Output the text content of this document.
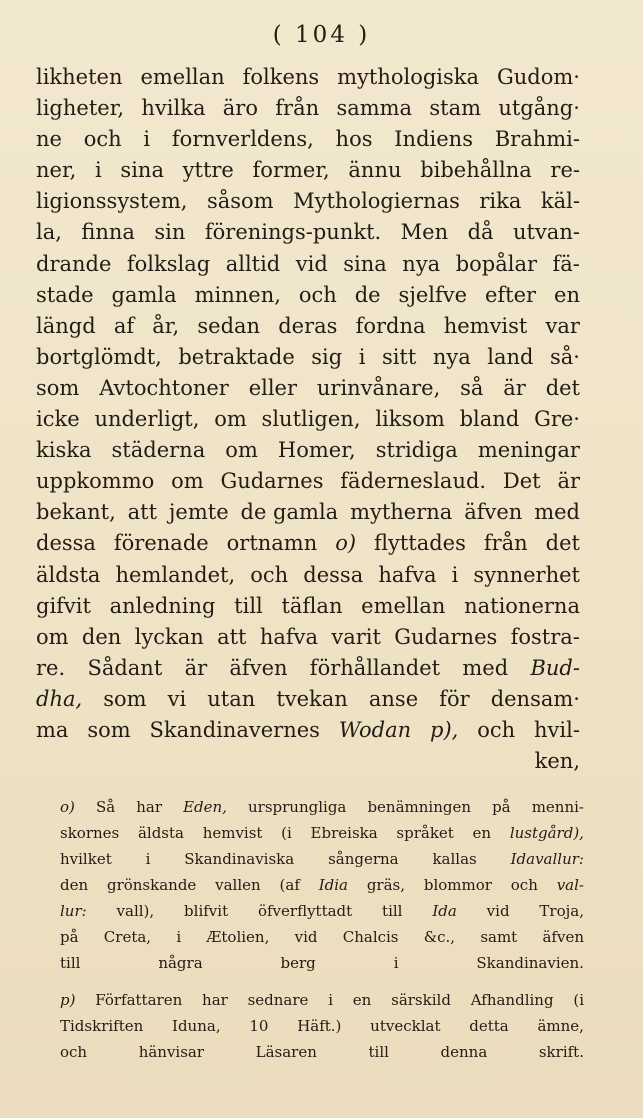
( 104 )
likheten emellan folkens mythologiska Gudom·
ligheter, hvilka äro från samma stam utgång·
ne och i fornverldens, hos Indiens Brahmi-
ner, i sina yttre former, ännu bibehållna re-
ligionssystem, såsom Mythologiernas rika käl-
la, finna sin förenings-punkt. Men då utvan-
drande folkslag alltid vid sina nya bopålar fä-
stade gamla minnen, och de sjelfve efter en
längd af år, sedan deras fordna hemvist var
bortglömdt, betraktade sig i sitt nya land så·
som Avtochtoner eller urinvånare, så är det
icke underligt, om slutligen, liksom bland Gre·
kiska städerna om Homer, stridiga meningar
uppkommo om Gudarnes fäderneslaud. Det är
bekant, att jemte de gamla mytherna äfven med
dessa förenade ortnamn o) flyttades från det
äldsta hemlandet, och dessa hafva i synnerhet
gifvit anledning till täflan emellan nationerna
om den lyckan att hafva varit Gudarnes fostra-
re. Sådant är äfven förhållandet med Bud-
dha, som vi utan tvekan anse för densam·
ma som Skandinavernes Wodan p), och hvil-
ken,
o) Så har Eden, ursprungliga benämningen på menni-
skornes äldsta hemvist (i Ebreiska språket en lustgård),
hvilket i Skandinaviska sångerna kallas Idavallur:
den grönskande vallen (af Idia gräs, blommor och val-
lur: vall), blifvit öfverflyttadt till Ida vid Troja,
på Creta, i Ætolien, vid Chalcis &c., samt äfven
till	några	berg	i	Skandinavien.
p) Författaren har sednare i en särskild Afhandling (i
Tidskriften Iduna, 10 Häft.) utvecklat detta ämne,
och	hänvisar	Läsaren	till	denna	skrift.
